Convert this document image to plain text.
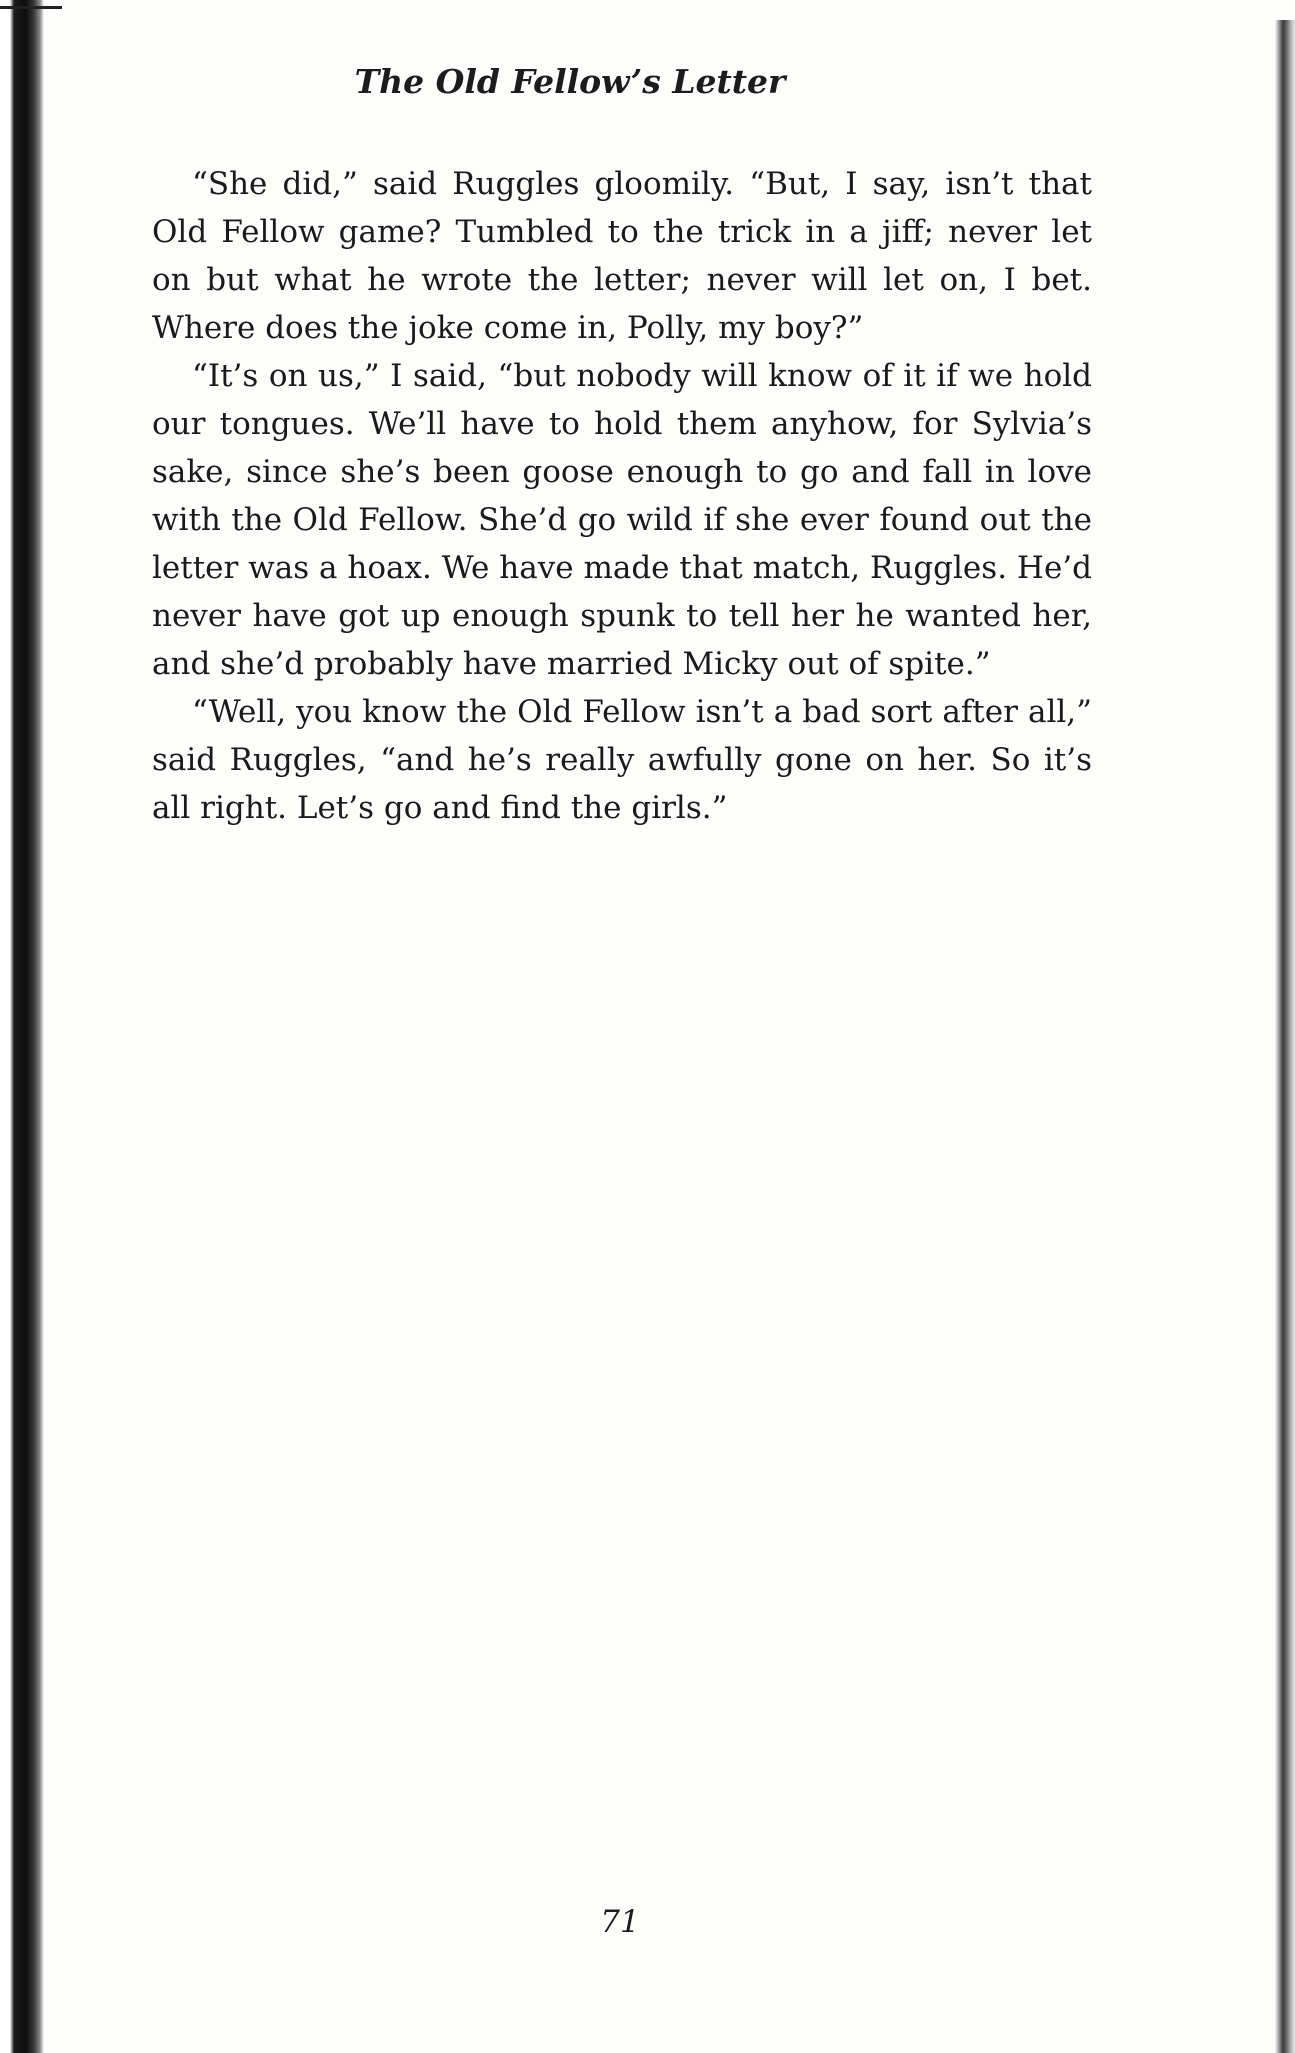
The Old Fellow’s Letter

“She did,” said Ruggles gloomily. “But, I say, isn’t that Old Fellow game? Tumbled to the trick in a jiff; never let on but what he wrote the letter; never will let on, I bet. Where does the joke come in, Polly, my boy?”

“It’s on us,” I said, “but nobody will know of it if we hold our tongues. We’ll have to hold them anyhow, for Sylvia’s sake, since she’s been goose enough to go and fall in love with the Old Fellow. She’d go wild if she ever found out the letter was a hoax. We have made that match, Ruggles. He’d never have got up enough spunk to tell her he wanted her, and she’d probably have married Micky out of spite.”

“Well, you know the Old Fellow isn’t a bad sort after all,” said Ruggles, “and he’s really awfully gone on her. So it’s all right. Let’s go and find the girls.”

71
